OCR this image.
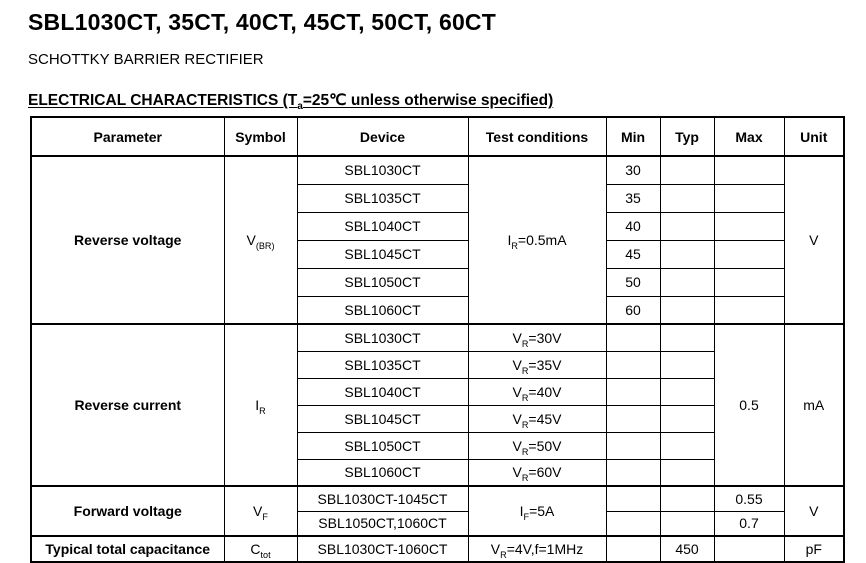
SBL1030CT, 35CT, 40CT, 45CT, 50CT, 60CT
SCHOTTKY BARRIER RECTIFIER
ELECTRICAL CHARACTERISTICS ($T_a=25℃$ unless otherwise specified)
Parameter	Symbol	Device	Test conditions	Min	Typ	Max	Unit
Reverse voltage	$V_{(BR)}$	SBL1030CT	$I_R=0.5mA$	30			V
		SBL1035CT		35			
		SBL1040CT		40			
		SBL1045CT		45			
		SBL1050CT		50			
		SBL1060CT		60			
Reverse current	$I_R$	SBL1030CT	$V_R=30V$			0.5	mA
		SBL1035CT	$V_R=35V$				
		SBL1040CT	$V_R=40V$				
		SBL1045CT	$V_R=45V$				
		SBL1050CT	$V_R=50V$				
		SBL1060CT	$V_R=60V$				
Forward voltage	$V_F$	SBL1030CT-1045CT	$I_F=5A$			0.55	V
		SBL1050CT,1060CT				0.7	
Typical total capacitance	$C_{tot}$	SBL1030CT-1060CT	$V_R=4V,f=1MHz$		450		pF
